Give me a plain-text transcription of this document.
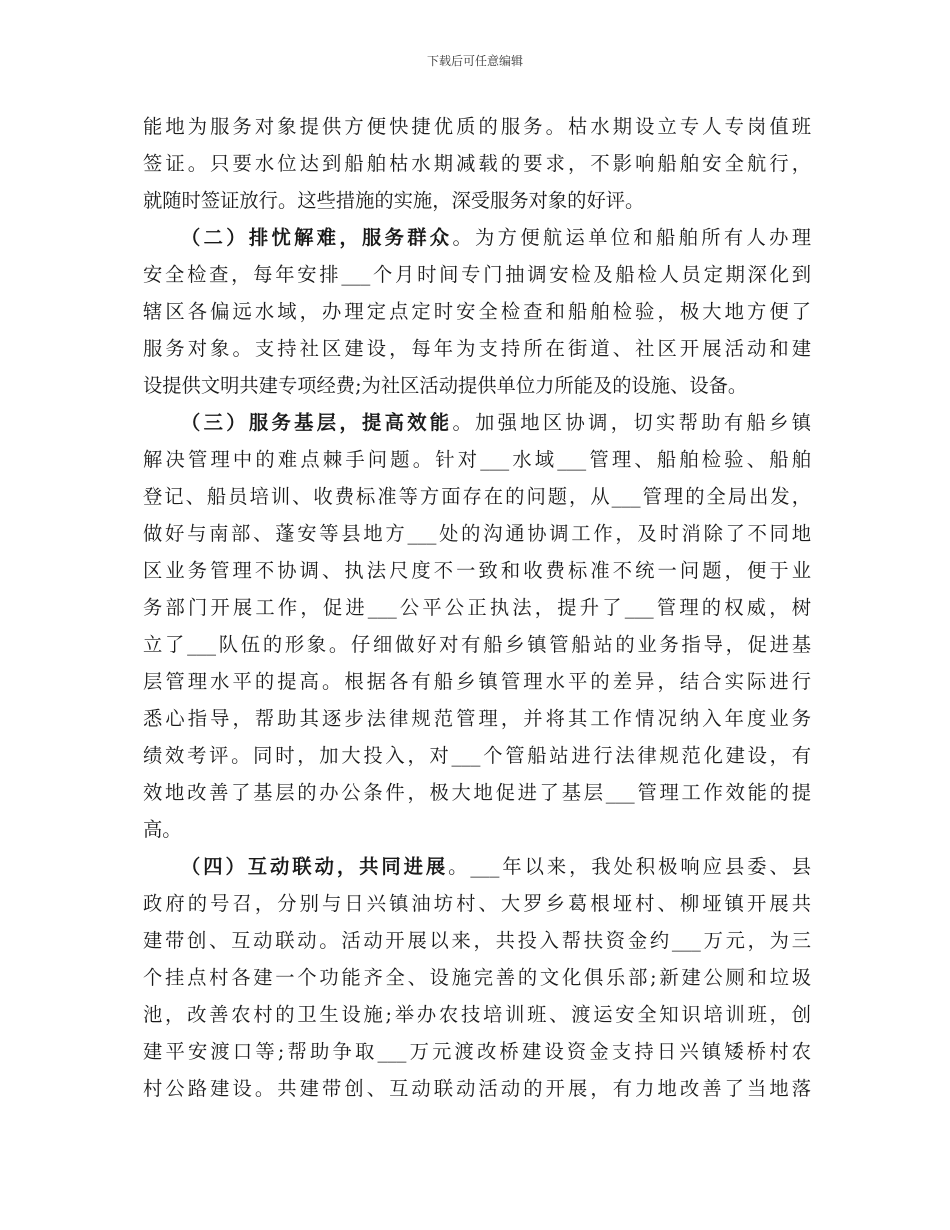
下载后可任意编辑
能地为服务对象提供方便快捷优质的服务。枯水期设立专人专岗值班
签证。只要水位达到船舶枯水期减载的要求，不影响船舶安全航行，
就随时签证放行。这些措施的实施，深受服务对象的好评。
（二）排忧解难，服务群众。为方便航运单位和船舶所有人办理
安全检查，每年安排___个月时间专门抽调安检及船检人员定期深化到
辖区各偏远水域，办理定点定时安全检查和船舶检验，极大地方便了
服务对象。支持社区建设，每年为支持所在街道、社区开展活动和建
设提供文明共建专项经费;为社区活动提供单位力所能及的设施、设备。
（三）服务基层，提高效能。加强地区协调，切实帮助有船乡镇
解决管理中的难点棘手问题。针对___水域___管理、船舶检验、船舶
登记、船员培训、收费标准等方面存在的问题，从___管理的全局出发，
做好与南部、蓬安等县地方___处的沟通协调工作，及时消除了不同地
区业务管理不协调、执法尺度不一致和收费标准不统一问题，便于业
务部门开展工作，促进___公平公正执法，提升了___管理的权威，树
立了___队伍的形象。仔细做好对有船乡镇管船站的业务指导，促进基
层管理水平的提高。根据各有船乡镇管理水平的差异，结合实际进行
悉心指导，帮助其逐步法律规范管理，并将其工作情况纳入年度业务
绩效考评。同时，加大投入，对___个管船站进行法律规范化建设，有
效地改善了基层的办公条件，极大地促进了基层___管理工作效能的提
高。
（四）互动联动，共同进展。___年以来，我处积极响应县委、县
政府的号召，分别与日兴镇油坊村、大罗乡葛根垭村、柳垭镇开展共
建带创、互动联动。活动开展以来，共投入帮扶资金约___万元，为三
个挂点村各建一个功能齐全、设施完善的文化俱乐部;新建公厕和垃圾
池，改善农村的卫生设施;举办农技培训班、渡运安全知识培训班，创
建平安渡口等;帮助争取___万元渡改桥建设资金支持日兴镇矮桥村农
村公路建设。共建带创、互动联动活动的开展，有力地改善了当地落
